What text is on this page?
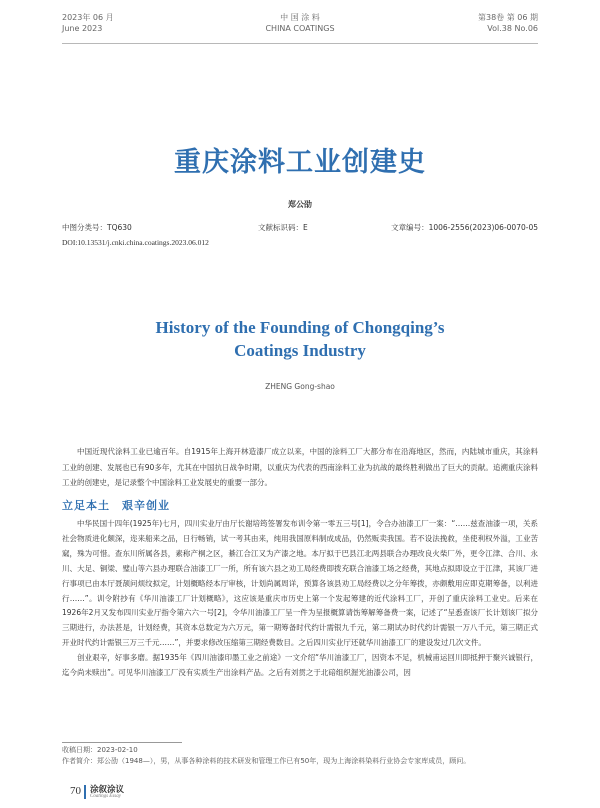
2023年 06 月
June 2023
中 国 涂 料
CHINA COATINGS
第38卷 第 06 期
Vol.38 No.06
重庆涂料工业创建史
郑公劭
中图分类号：TQ630	文献标识码：E	文章编号：1006-2556(2023)06-0070-05
DOI:10.13531/j.cnki.china.coatings.2023.06.012
History of the Founding of Chongqing’s
Coatings Industry
ZHENG Gong-shao

中国近现代涂料工业已逾百年。自1915年上海开林造漆厂成立以来，中国的涂料工厂大都分布在沿海地区，然而，内陆城市重庆，其涂料工业的创建、发展也已有90多年，尤其在中国抗日战争时期，以重庆为代表的西南涂料工业为抗战的最终胜利做出了巨大的贡献。追溯重庆涂料工业的创建史，是记录整个中国涂料工业发展史的重要一部分。

立足本土　艰辛创业

中华民国十四年(1925年)七月，四川实业厅由厅长谢培筠签署发布训令第一零五三号[1]，令合办油漆工厂一案：“……兹查油漆一项，关系社会物质进化颇深，迩来船来之品，日行畅销，试一考其由来，纯用我国原料制成成品，仍然贩卖我国。若不设法挽救，坐使利权外溢，工业苦窳，殊为可惜。查东川所属各县，素称产桐之区，綦江合江又为产漆之地。本厅拟于巴县江北两县联合办理改良火柴厂外，更令江津、合川、永川、大足、铜梁、璧山等六县办理联合油漆工厂一所，所有该六县之劝工局经费即拨充联合油漆工场之经费，其地点拟即设立于江津，其该厂进行事项已由本厅聂颉问烦纹拟定，计划概略经本厅审核，计划尚属周详，预算各该县劝工局经费以之分年筹拨，亦颇敷用应即克期筹备，以利进行……”。训令附抄有《华川油漆工厂计划概略》，这应该是重庆市历史上第一个发起筹建的近代涂料工厂，开创了重庆涂料工业史。后来在1926年2月又发布四川实业厅指令第六六一号[2]，令华川油漆工厂呈一件为呈报概算请饬筹解筹备费一案，记述了“呈悉查该厂长计划该厂拟分三期进行，办法甚是，计划经费，其资本总数定为六万元，第一期筹备时代约计需银九千元，第二期试办时代约计需银一万八千元，第三期正式开业时代约计需银三万三千元……”，并要求修改压缩第三期经费数目。之后四川实业厅还就华川油漆工厂的建设发过几次文件。

创业艰辛，好事多磨。据1935年《四川油漆印墨工业之前途》一文介绍“华川油漆工厂，因资本不足，机械甫运回川即抵押于聚兴诚银行，迄今尚未赎出”。可见华川油漆工厂没有实质生产出涂料产品。之后有刘贯之于北碚组织渥光油漆公司，因

收稿日期：2023-02-10
作者简介：郑公劭（1948—），男，从事各种涂料的技术研发和管理工作已有50年，现为上海涂料染料行业协会专家库成员，顾问。
70 涂叙涂议
Coatings Essay
